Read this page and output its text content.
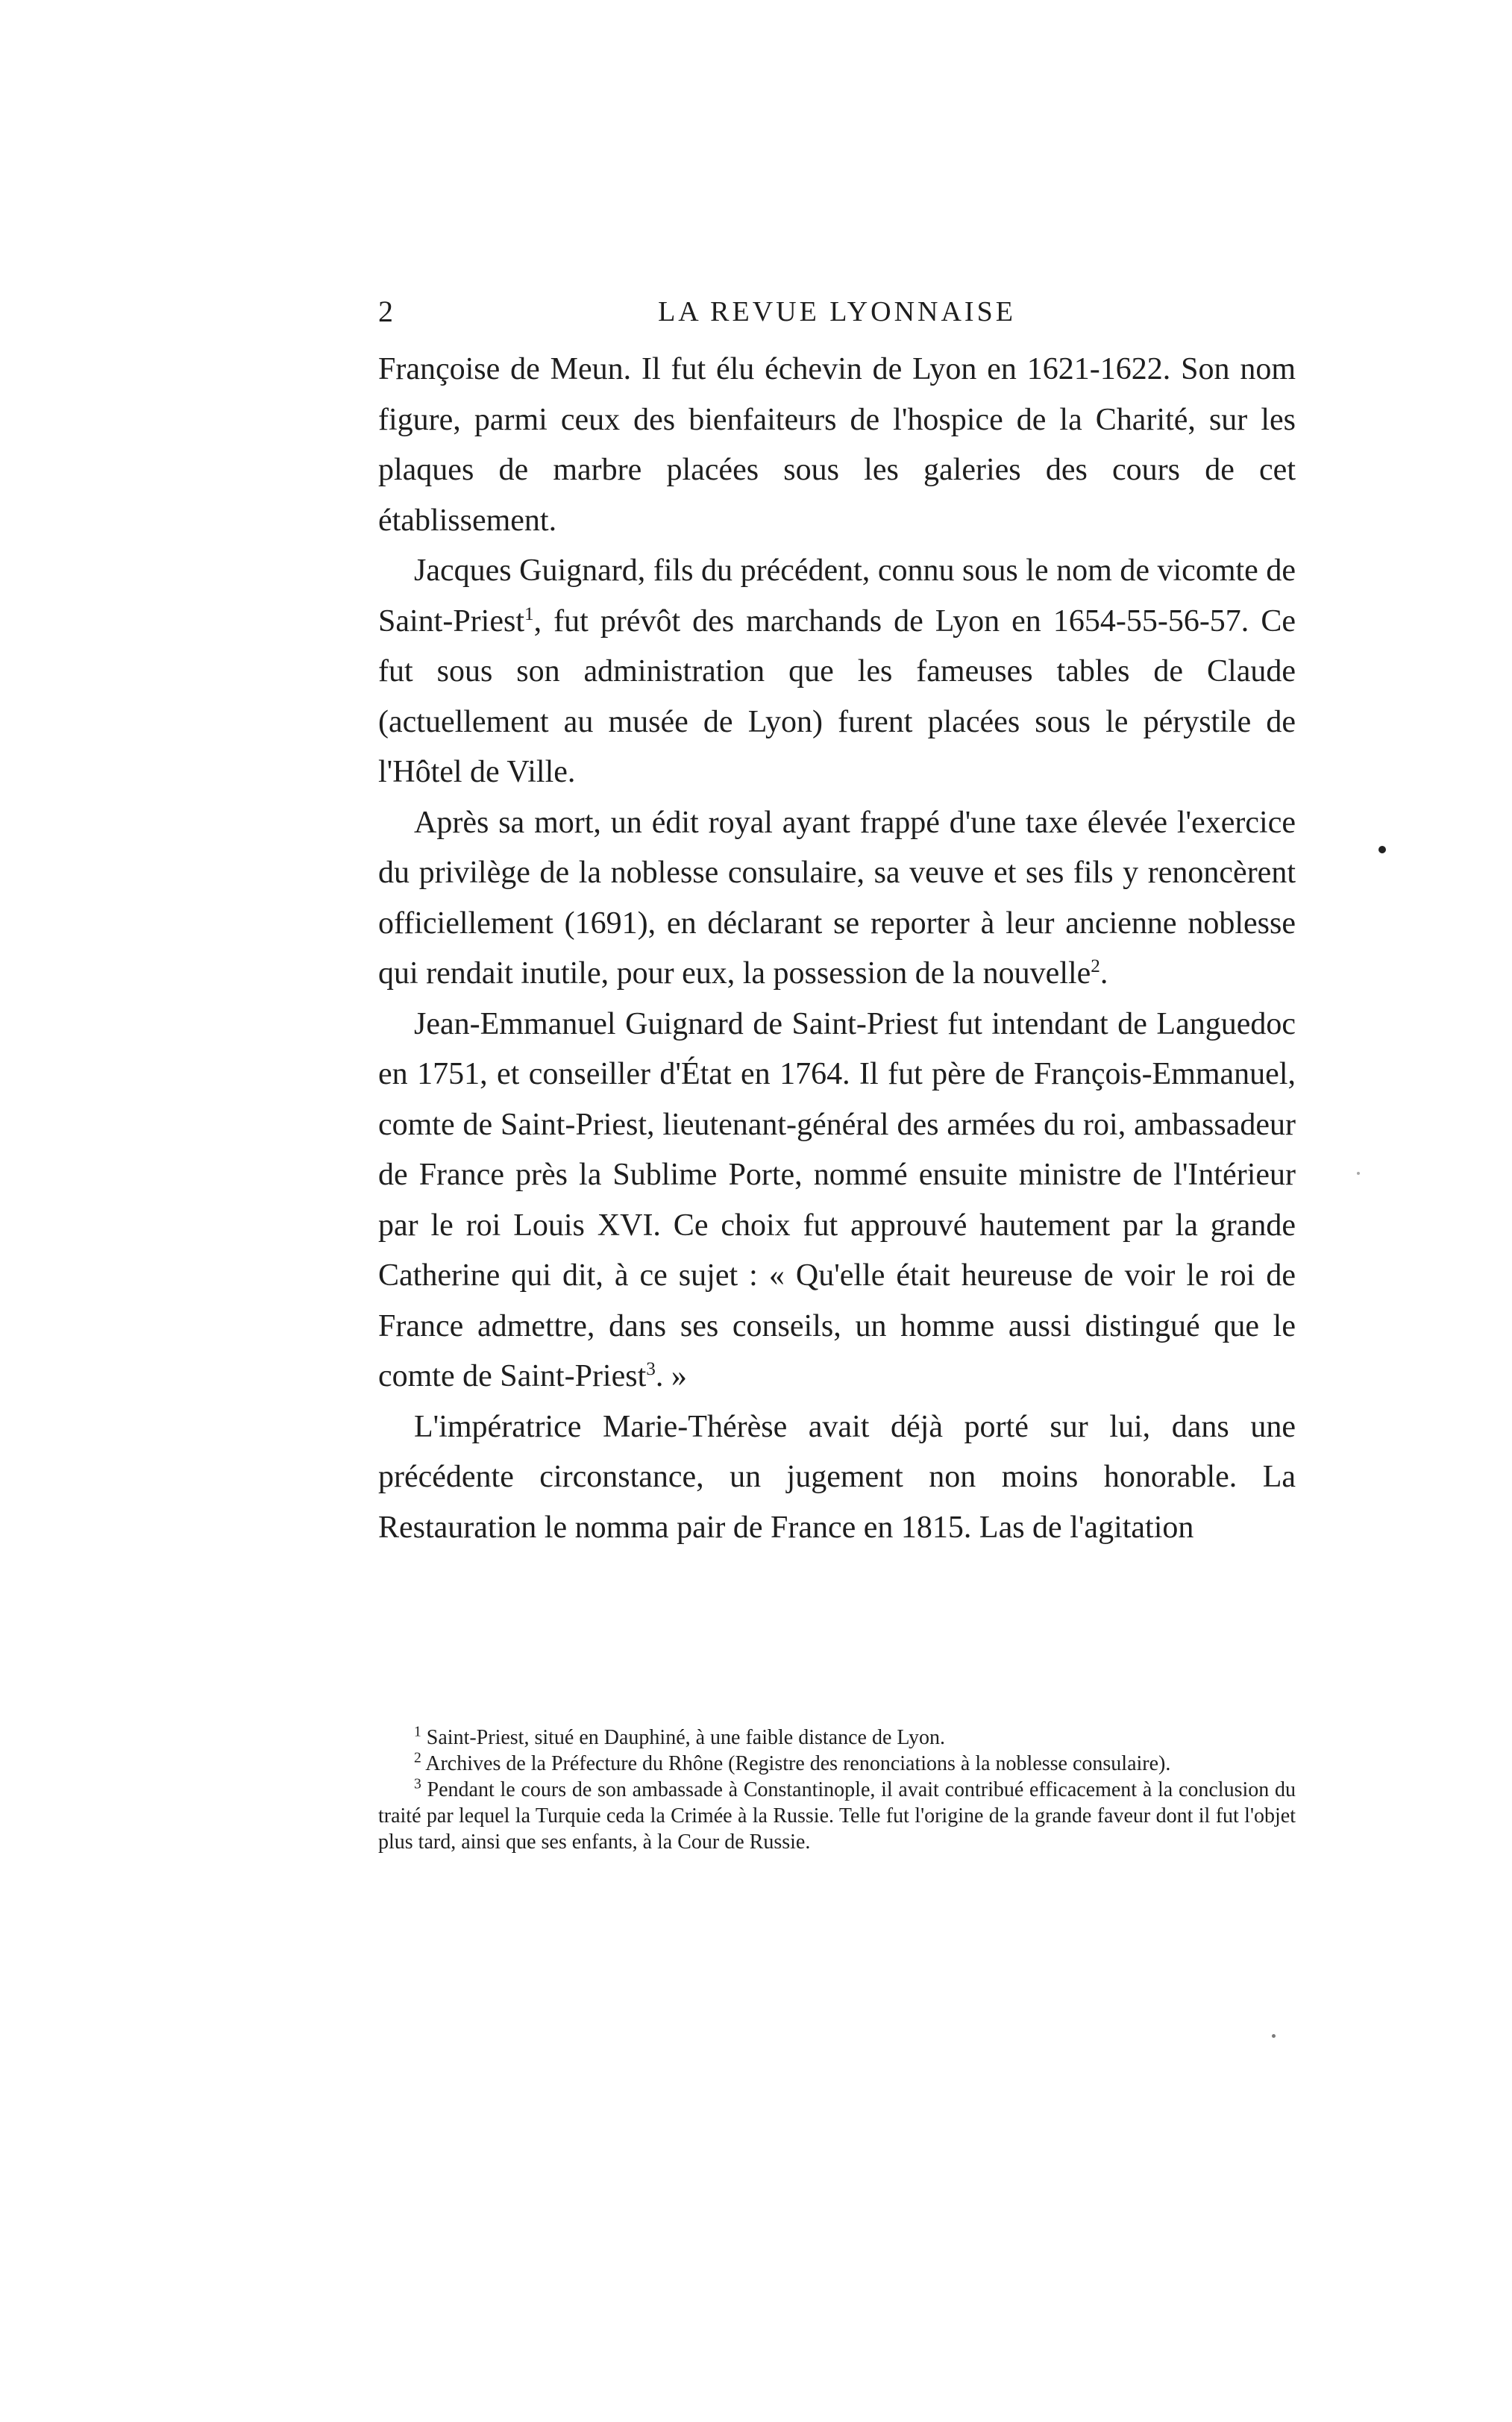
2	LA REVUE LYONNAISE

Françoise de Meun. Il fut élu échevin de Lyon en 1621-1622. Son nom figure, parmi ceux des bienfaiteurs de l'hospice de la Charité, sur les plaques de marbre placées sous les galeries des cours de cet établissement.

Jacques Guignard, fils du précédent, connu sous le nom de vicomte de Saint-Priest$^1$, fut prévôt des marchands de Lyon en 1654-55-56-57. Ce fut sous son administration que les fameuses tables de Claude (actuellement au musée de Lyon) furent placées sous le pérystile de l'Hôtel de Ville.

Après sa mort, un édit royal ayant frappé d'une taxe élevée l'exercice du privilège de la noblesse consulaire, sa veuve et ses fils y renoncèrent officiellement (1691), en déclarant se reporter à leur ancienne noblesse qui rendait inutile, pour eux, la possession de la nouvelle$^2$.

Jean-Emmanuel Guignard de Saint-Priest fut intendant de Languedoc en 1751, et conseiller d'État en 1764. Il fut père de François-Emmanuel, comte de Saint-Priest, lieutenant-général des armées du roi, ambassadeur de France près la Sublime Porte, nommé ensuite ministre de l'Intérieur par le roi Louis XVI. Ce choix fut approuvé hautement par la grande Catherine qui dit, à ce sujet : « Qu'elle était heureuse de voir le roi de France admettre, dans ses conseils, un homme aussi distingué que le comte de Saint-Priest$^3$. »

L'impératrice Marie-Thérèse avait déjà porté sur lui, dans une précédente circonstance, un jugement non moins honorable. La Restauration le nomma pair de France en 1815. Las de l'agitation

$^1$ Saint-Priest, situé en Dauphiné, à une faible distance de Lyon.

$^2$ Archives de la Préfecture du Rhône (Registre des renonciations à la noblesse consulaire).

$^3$ Pendant le cours de son ambassade à Constantinople, il avait contribué efficacement à la conclusion du traité par lequel la Turquie ceda la Crimée à la Russie. Telle fut l'origine de la grande faveur dont il fut l'objet plus tard, ainsi que ses enfants, à la Cour de Russie.
